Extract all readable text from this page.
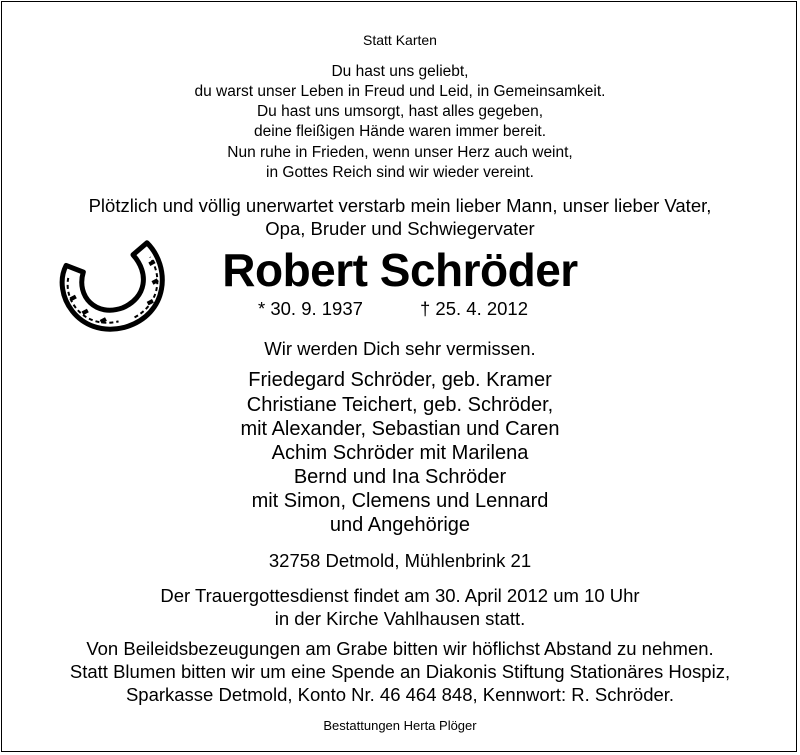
Statt Karten

Du hast uns geliebt,

du warst unser Leben in Freud und Leid, in Gemeinsamkeit.

Du hast uns umsorgt, hast alles gegeben,

deine fleißigen Hände waren immer bereit.

Nun ruhe in Frieden, wenn unser Herz auch weint,

in Gottes Reich sind wir wieder vereint.

Plötzlich und völlig unerwartet verstarb mein lieber Mann, unser lieber Vater,

Opa, Bruder und Schwiegervater

Robert Schröder

* 30. 9. 1937	† 25. 4. 2012

Wir werden Dich sehr vermissen.

Friedegard Schröder, geb. Kramer

Christiane Teichert, geb. Schröder,

mit Alexander, Sebastian und Caren

Achim Schröder mit Marilena

Bernd und Ina Schröder

mit Simon, Clemens und Lennard

und Angehörige

32758 Detmold, Mühlenbrink 21

Der Trauergottesdienst findet am 30. April 2012 um 10 Uhr

in der Kirche Vahlhausen statt.

Von Beileidsbezeugungen am Grabe bitten wir höflichst Abstand zu nehmen.

Statt Blumen bitten wir um eine Spende an Diakonis Stiftung Stationäres Hospiz,

Sparkasse Detmold, Konto Nr. 46 464 848, Kennwort: R. Schröder.

Bestattungen Herta Plöger
